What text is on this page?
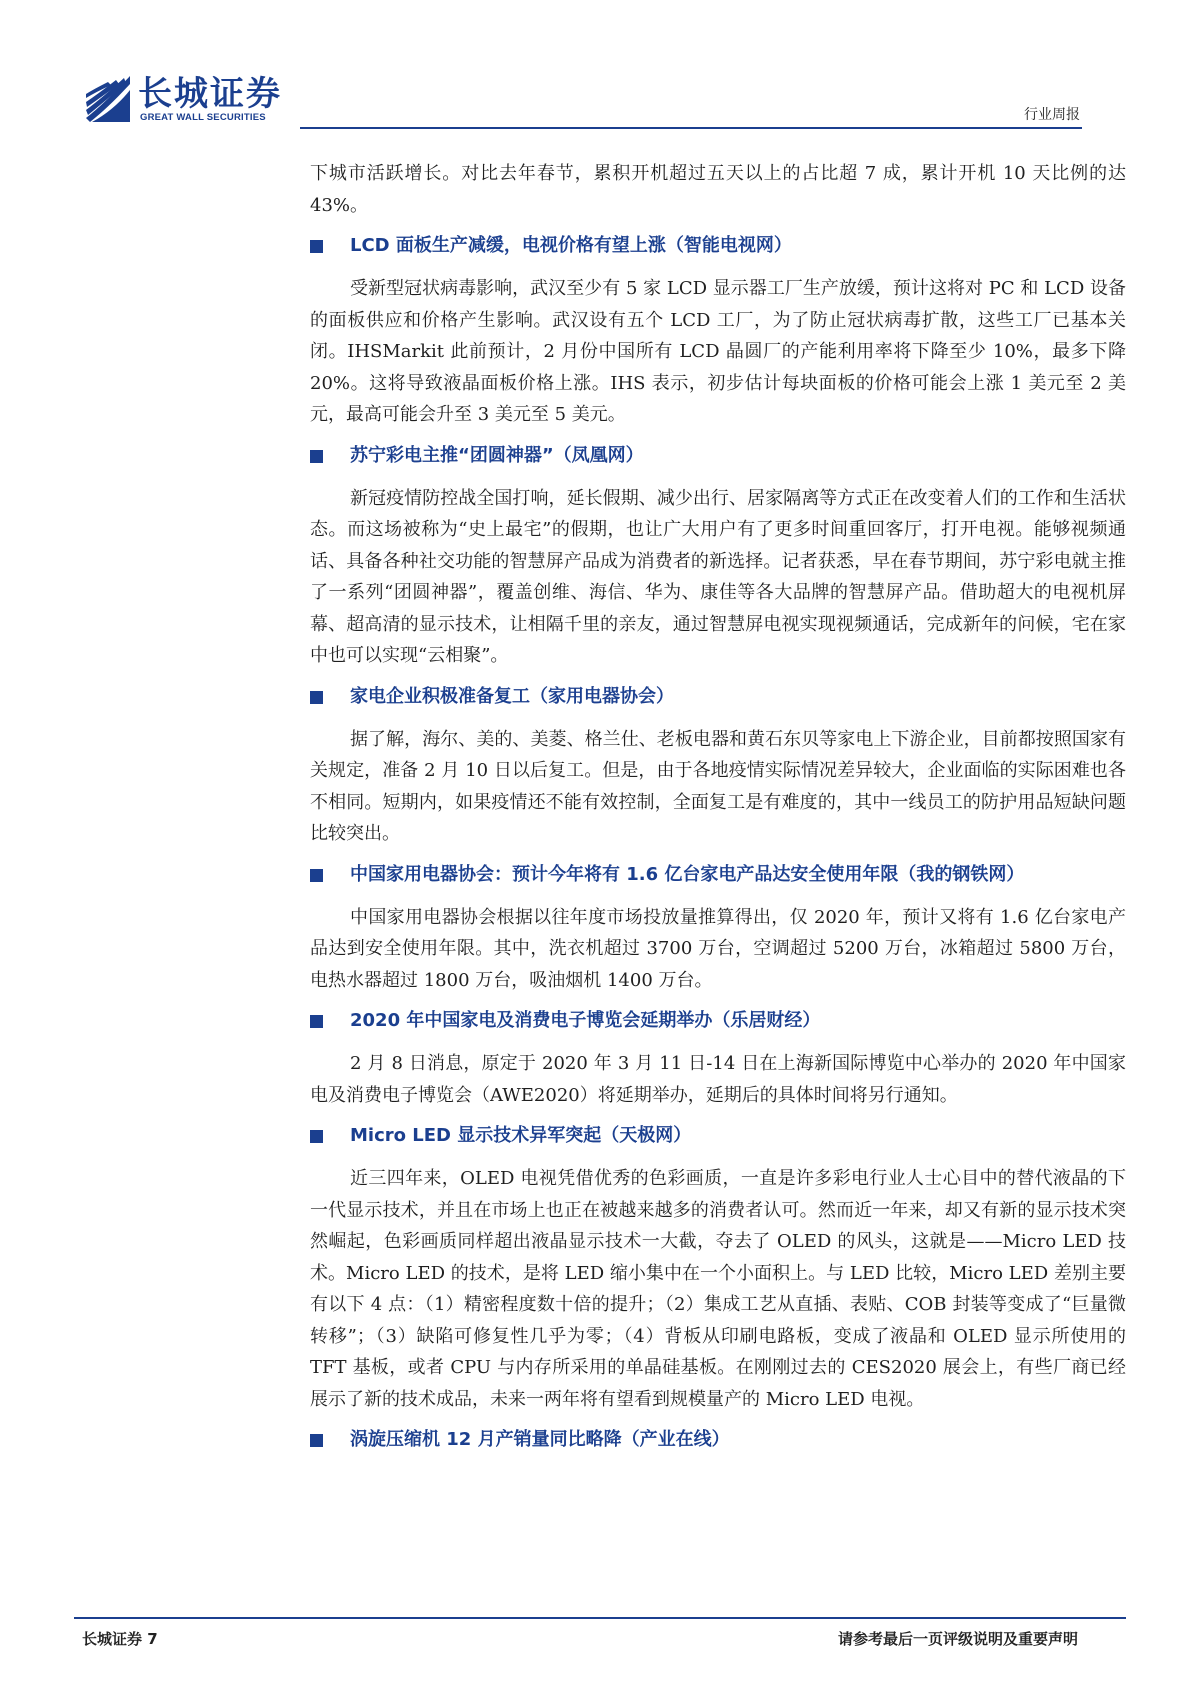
长城证券
GREAT WALL SECURITIES	行业周报

下城市活跃增长。对比去年春节，累积开机超过五天以上的占比超 7 成，累计开机 10 天比例的达 43%。

LCD 面板生产减缓，电视价格有望上涨（智能电视网）

受新型冠状病毒影响，武汉至少有 5 家 LCD 显示器工厂生产放缓，预计这将对 PC 和 LCD 设备的面板供应和价格产生影响。武汉设有五个 LCD 工厂，为了防止冠状病毒扩散，这些工厂已基本关闭。IHSMarkit 此前预计，2 月份中国所有 LCD 晶圆厂的产能利用率将下降至少 10%，最多下降 20%。这将导致液晶面板价格上涨。IHS 表示，初步估计每块面板的价格可能会上涨 1 美元至 2 美元，最高可能会升至 3 美元至 5 美元。

苏宁彩电主推“团圆神器”（凤凰网）

新冠疫情防控战全国打响，延长假期、减少出行、居家隔离等方式正在改变着人们的工作和生活状态。而这场被称为“史上最宅”的假期，也让广大用户有了更多时间重回客厅，打开电视。能够视频通话、具备各种社交功能的智慧屏产品成为消费者的新选择。记者获悉，早在春节期间，苏宁彩电就主推了一系列“团圆神器”，覆盖创维、海信、华为、康佳等各大品牌的智慧屏产品。借助超大的电视机屏幕、超高清的显示技术，让相隔千里的亲友，通过智慧屏电视实现视频通话，完成新年的问候，宅在家中也可以实现“云相聚”。

家电企业积极准备复工（家用电器协会）

据了解，海尔、美的、美菱、格兰仕、老板电器和黄石东贝等家电上下游企业，目前都按照国家有关规定，准备 2 月 10 日以后复工。但是，由于各地疫情实际情况差异较大，企业面临的实际困难也各不相同。短期内，如果疫情还不能有效控制，全面复工是有难度的，其中一线员工的防护用品短缺问题比较突出。

中国家用电器协会：预计今年将有 1.6 亿台家电产品达安全使用年限（我的钢铁网）

中国家用电器协会根据以往年度市场投放量推算得出，仅 2020 年，预计又将有 1.6 亿台家电产品达到安全使用年限。其中，洗衣机超过 3700 万台，空调超过 5200 万台，冰箱超过 5800 万台，电热水器超过 1800 万台，吸油烟机 1400 万台。

2020 年中国家电及消费电子博览会延期举办（乐居财经）

2 月 8 日消息，原定于 2020 年 3 月 11 日-14 日在上海新国际博览中心举办的 2020 年中国家电及消费电子博览会（AWE2020）将延期举办，延期后的具体时间将另行通知。

Micro LED 显示技术异军突起（天极网）

近三四年来，OLED 电视凭借优秀的色彩画质，一直是许多彩电行业人士心目中的替代液晶的下一代显示技术，并且在市场上也正在被越来越多的消费者认可。然而近一年来，却又有新的显示技术突然崛起，色彩画质同样超出液晶显示技术一大截，夺去了 OLED 的风头，这就是——Micro LED 技术。Micro LED 的技术，是将 LED 缩小集中在一个小面积上。与 LED 比较，Micro LED 差别主要有以下 4 点：（1）精密程度数十倍的提升；（2）集成工艺从直插、表贴、COB 封装等变成了“巨量微转移”；（3）缺陷可修复性几乎为零；（4）背板从印刷电路板，变成了液晶和 OLED 显示所使用的 TFT 基板，或者 CPU 与内存所采用的单晶硅基板。在刚刚过去的 CES2020 展会上，有些厂商已经展示了新的技术成品，未来一两年将有望看到规模量产的 Micro LED 电视。

涡旋压缩机 12 月产销量同比略降（产业在线）
长城证券 7	请参考最后一页评级说明及重要声明
